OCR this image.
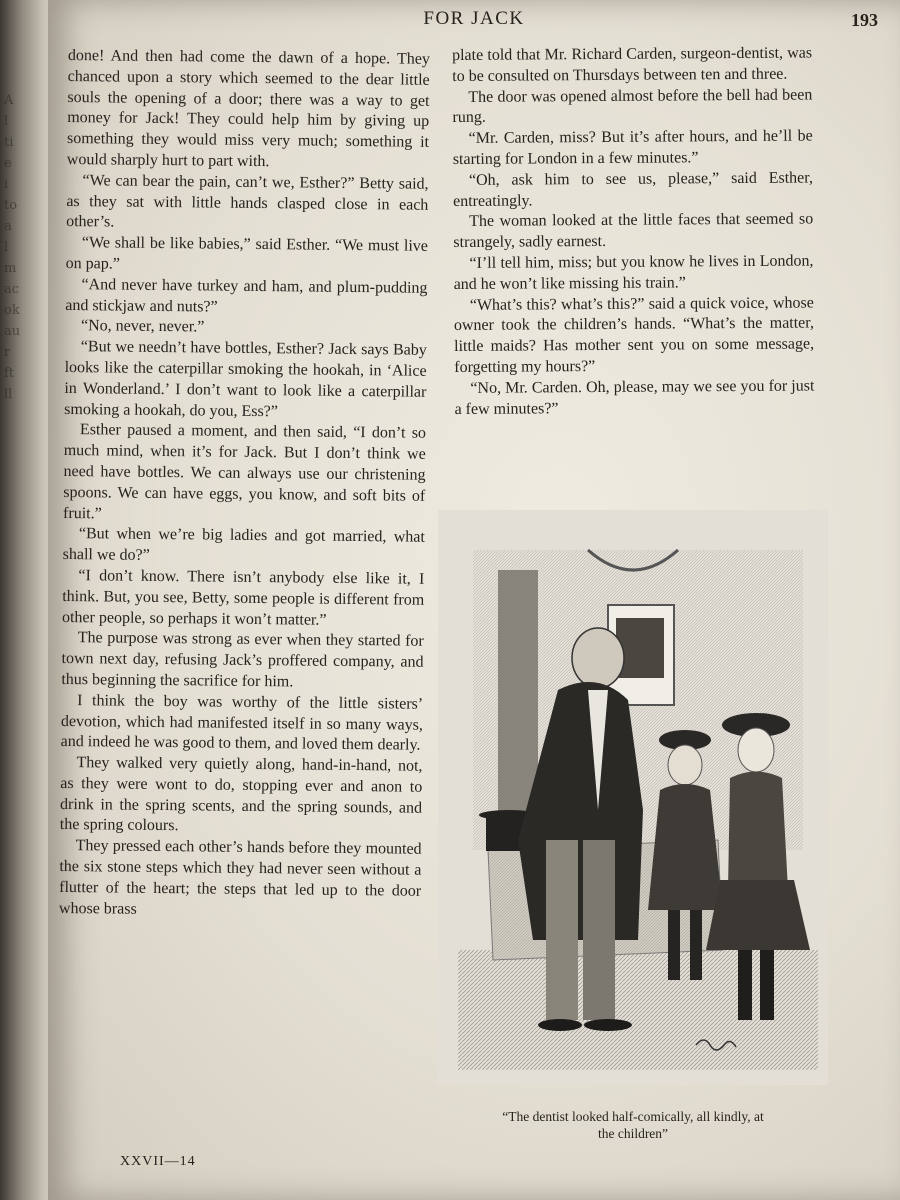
A
l
ti
e
i
to
a
l
m
ac
ok
au
r
ft
ll
FOR JACK	193

done! And then had come the dawn of a hope. They chanced upon a story which seemed to the dear little souls the opening of a door; there was a way to get money for Jack! They could help him by giving up something they would miss very much; something it would sharply hurt to part with.

“We can bear the pain, can’t we, Esther?” Betty said, as they sat with little hands clasped close in each other’s.

“We shall be like babies,” said Esther. “We must live on pap.”

“And never have turkey and ham, and plum-pudding and stickjaw and nuts?”

“No, never, never.”

“But we needn’t have bottles, Esther? Jack says Baby looks like the caterpillar smoking the hookah, in ‘Alice in Wonderland.’ I don’t want to look like a caterpillar smoking a hookah, do you, Ess?”

Esther paused a moment, and then said, “I don’t so much mind, when it’s for Jack. But I don’t think we need have bottles. We can always use our christening spoons. We can have eggs, you know, and soft bits of fruit.”

“But when we’re big ladies and got married, what shall we do?”

“I don’t know. There isn’t anybody else like it, I think. But, you see, Betty, some people is different from other people, so perhaps it won’t matter.”

The purpose was strong as ever when they started for town next day, refusing Jack’s proffered company, and thus beginning the sacrifice for him.

I think the boy was worthy of the little sisters’ devotion, which had manifested itself in so many ways, and indeed he was good to them, and loved them dearly.

They walked very quietly along, hand-in-hand, not, as they were wont to do, stopping ever and anon to drink in the spring scents, and the spring sounds, and the spring colours.

They pressed each other’s hands before they mounted the six stone steps which they had never seen without a flutter of the heart; the steps that led up to the door whose brass

plate told that Mr. Richard Carden, surgeon-dentist, was to be consulted on Thursdays between ten and three.

The door was opened almost before the bell had been rung.

“Mr. Carden, miss? But it’s after hours, and he’ll be starting for London in a few minutes.”

“Oh, ask him to see us, please,” said Esther, entreatingly.

The woman looked at the little faces that seemed so strangely, sadly earnest.

“I’ll tell him, miss; but you know he lives in London, and he won’t like missing his train.”

“What’s this? what’s this?” said a quick voice, whose owner took the children’s hands. “What’s the matter, little maids? Has mother sent you on some message, forgetting my hours?”

“No, Mr. Carden. Oh, please, may we see you for just a few minutes?”

“The dentist looked half-comically, all kindly, at
the children”
XXVII—14
